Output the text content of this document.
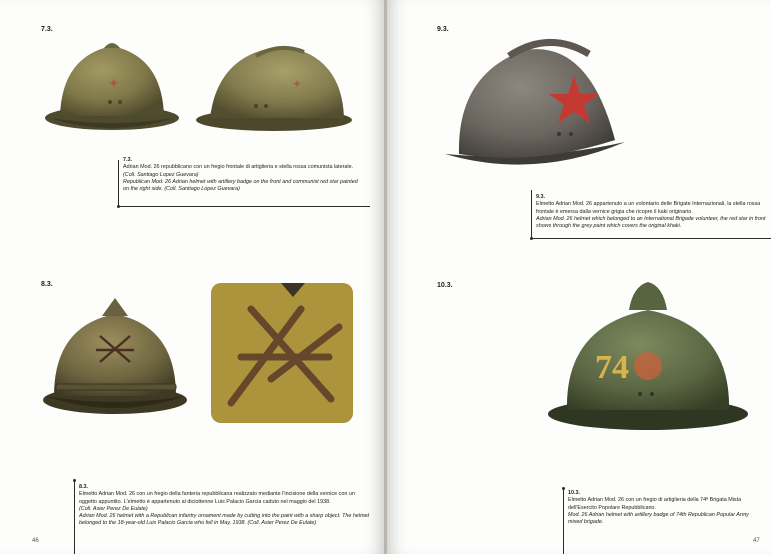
7.3.
✦	✦
7.3.
Adrian Mod. 26 repubblicano con un fregio frontale di artiglieria e stella rossa comunista laterale.
(Coll. Santiago Lopez Guevara)
Republican Mod. 26 Adrian helmet with artillery badge on the front and communist red star painted on the right side. (Coll. Santiago Lopez Guevara)
8.3.
8.3.
Elmetto Adrian Mod. 26 con un fregio della fanteria repubblicana realizzato mediante l'incisione della vernice con un oggetto appuntito. L'elmetto è appartenuto al diciottenne Luis Palacio Garcia caduto nel maggio del 1938.
(Coll. Asier Perez De Eulate)
Adrian Mod. 26 helmet with a Republican infantry ornament made by cutting into the paint with a sharp object. The helmet belonged to the 18-year-old Luis Palacio Garcia who fell in May, 1938. (Coll. Asier Perez De Eulate)
46
9.3.
9.3.
Elmetto Adrian Mod. 26 appartenuto a un volontario delle Brigate Internazionali, la stella rossa frontale è emersa dalla vernice grigia che ricopre il kaki originario.
Adrian Mod. 26 helmet which belonged to an International Brigade volunteer, the red star in front shows through the grey paint which covers the original khaki.
10.3.
74
10.3.
Elmetto Adrian Mod. 26 con un fregio di artiglieria della 74ª Brigata Mista dell'Esercito Popolare Repubblicano.
Mod. 26 Adrian helmet with artillery badge of 74th Republican Popular Army mixed brigade.
47
